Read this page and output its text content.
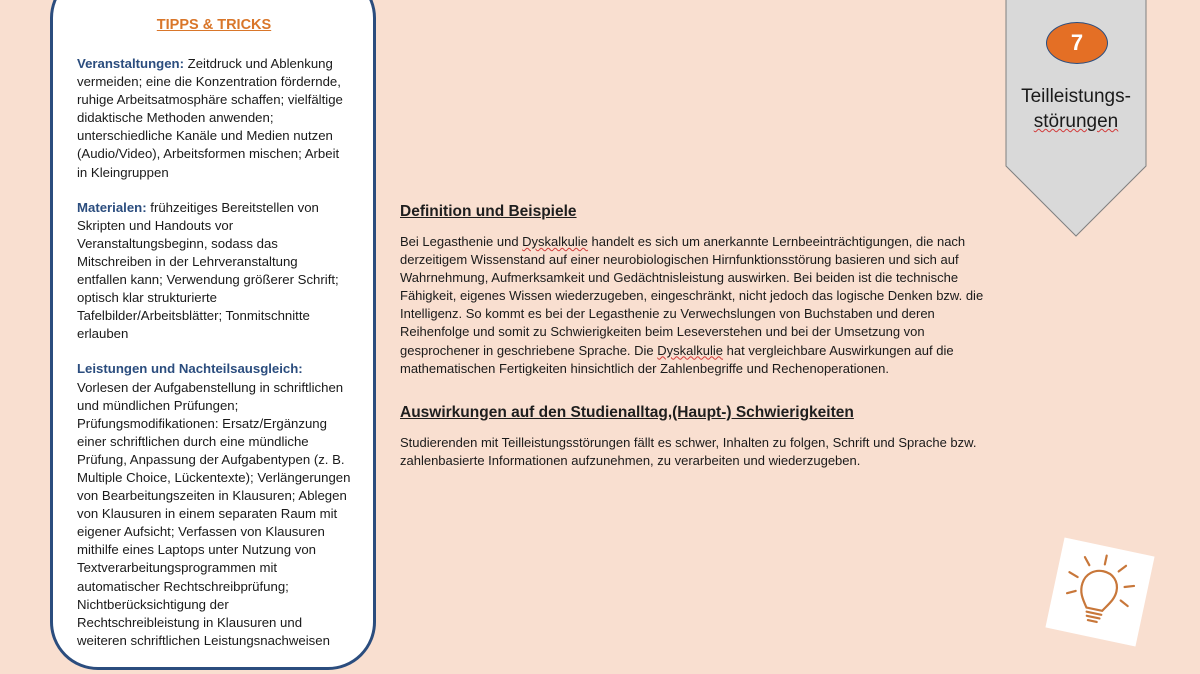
TIPPS & TRICKS

Veranstaltungen: Zeitdruck und Ablenkung vermeiden; eine die Konzentration fördernde, ruhige Arbeitsatmosphäre schaffen; vielfältige didaktische Methoden anwenden; unterschiedliche Kanäle und Medien nutzen (Audio/Video), Arbeitsformen mischen; Arbeit in Kleingruppen

Materialen: frühzeitiges Bereitstellen von Skripten und Handouts vor Veranstaltungsbeginn, sodass das Mitschreiben in der Lehrveranstaltung entfallen kann; Verwendung größerer Schrift; optisch klar strukturierte Tafelbilder/Arbeitsblätter; Tonmitschnitte erlauben

Leistungen und Nachteilsausgleich: Vorlesen der Aufgabenstellung in schriftlichen und mündlichen Prüfungen; Prüfungsmodifikationen: Ersatz/Ergänzung einer schriftlichen durch eine mündliche Prüfung, Anpassung der Aufgabentypen (z. B. Multiple Choice, Lückentexte); Verlängerungen von Bearbeitungszeiten in Klausuren; Ablegen von Klausuren in einem separaten Raum mit eigener Aufsicht; Verfassen von Klausuren mithilfe eines Laptops unter Nutzung von Textverarbeitungsprogrammen mit automatischer Rechtschreibprüfung; Nichtberücksichtigung der Rechtschreibleistung in Klausuren und weiteren schriftlichen Leistungsnachweisen

7
Teilleistungs-
störungen
Definition und Beispiele

Bei Legasthenie und Dyskalkulie handelt es sich um anerkannte Lernbeeinträchtigungen, die nach derzeitigem Wissenstand auf einer neurobiologischen Hirnfunktionsstörung basieren und sich auf Wahrnehmung, Aufmerksamkeit und Gedächtnisleistung auswirken. Bei beiden ist die technische Fähigkeit, eigenes Wissen wiederzugeben, eingeschränkt, nicht jedoch das logische Denken bzw. die Intelligenz. So kommt es bei der Legasthenie zu Verwechslungen von Buchstaben und deren Reihenfolge und somit zu Schwierigkeiten beim Leseverstehen und bei der Umsetzung von gesprochener in geschriebene Sprache. Die Dyskalkulie hat vergleichbare Auswirkungen auf die mathematischen Fertigkeiten hinsichtlich der Zahlenbegriffe und Rechenoperationen.

Auswirkungen auf den Studienalltag,(Haupt-) Schwierigkeiten

Studierenden mit Teilleistungsstörungen fällt es schwer, Inhalten zu folgen, Schrift und Sprache bzw. zahlenbasierte Informationen aufzunehmen, zu verarbeiten und wiederzugeben.
